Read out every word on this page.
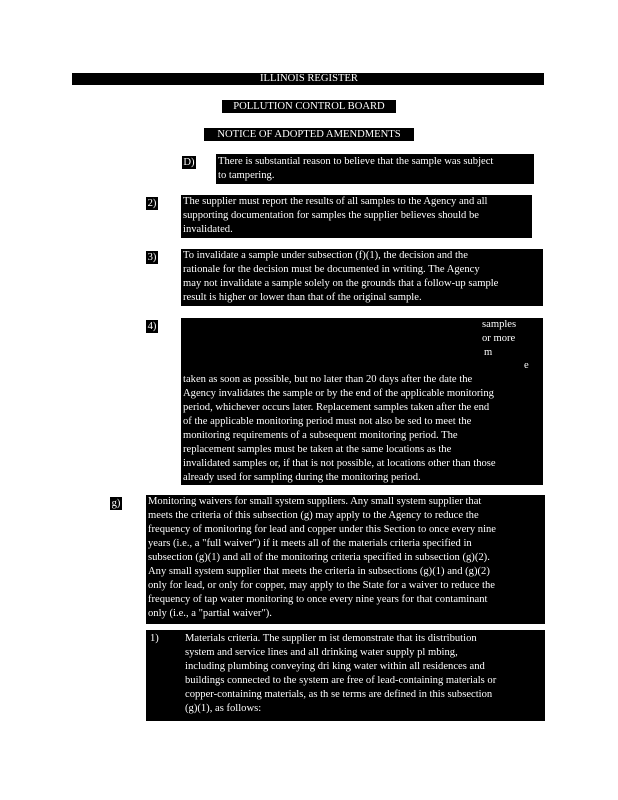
ILLINOIS REGISTER
POLLUTION CONTROL BOARD
NOTICE OF ADOPTED AMENDMENTS
D) There is substantial reason to believe that the sample was subject
to tampering.
2)	The supplier must report the results of all samples to the Agency and all
supporting documentation for samples the supplier believes should be
invalidated.
3)	To invalidate a sample under subsection (f)(1), the decision and the
rationale for the decision must be documented in writing. The Agency
may not invalidate a sample solely on the grounds that a follow-up sample
result is higher or lower than that of the original sample.
4)	samples
or more
m
e
taken as soon as possible, but no later than 20 days after the date the
Agency invalidates the sample or by the end of the applicable monitoring
period, whichever occurs later. Replacement samples taken after the end
of the applicable monitoring period must not also be sed to meet the
monitoring requirements of a subsequent monitoring period. The
replacement samples must be taken at the same locations as the
invalidated samples or, if that is not possible, at locations other than those
already used for sampling during the monitoring period.
g)	Monitoring waivers for small system suppliers. Any small system supplier that
meets the criteria of this subsection (g) may apply to the Agency to reduce the
frequency of monitoring for lead and copper under this Section to once every nine
years (i.e., a "full waiver") if it meets all of the materials criteria specified in
subsection (g)(1) and all of the monitoring criteria specified in subsection (g)(2).
Any small system supplier that meets the criteria in subsections (g)(1) and (g)(2)
only for lead, or only for copper, may apply to the State for a waiver to reduce the
frequency of tap water monitoring to once every nine years for that contaminant
only (i.e., a "partial waiver").
1) Materials criteria. The supplier m ist demonstrate that its distribution
system and service lines and all drinking water supply pl mbing,
including plumbing conveying dri king water within all residences and
buildings connected to the system are free of lead-containing materials or
copper-containing materials, as th se terms are defined in this subsection
(g)(1), as follows:
